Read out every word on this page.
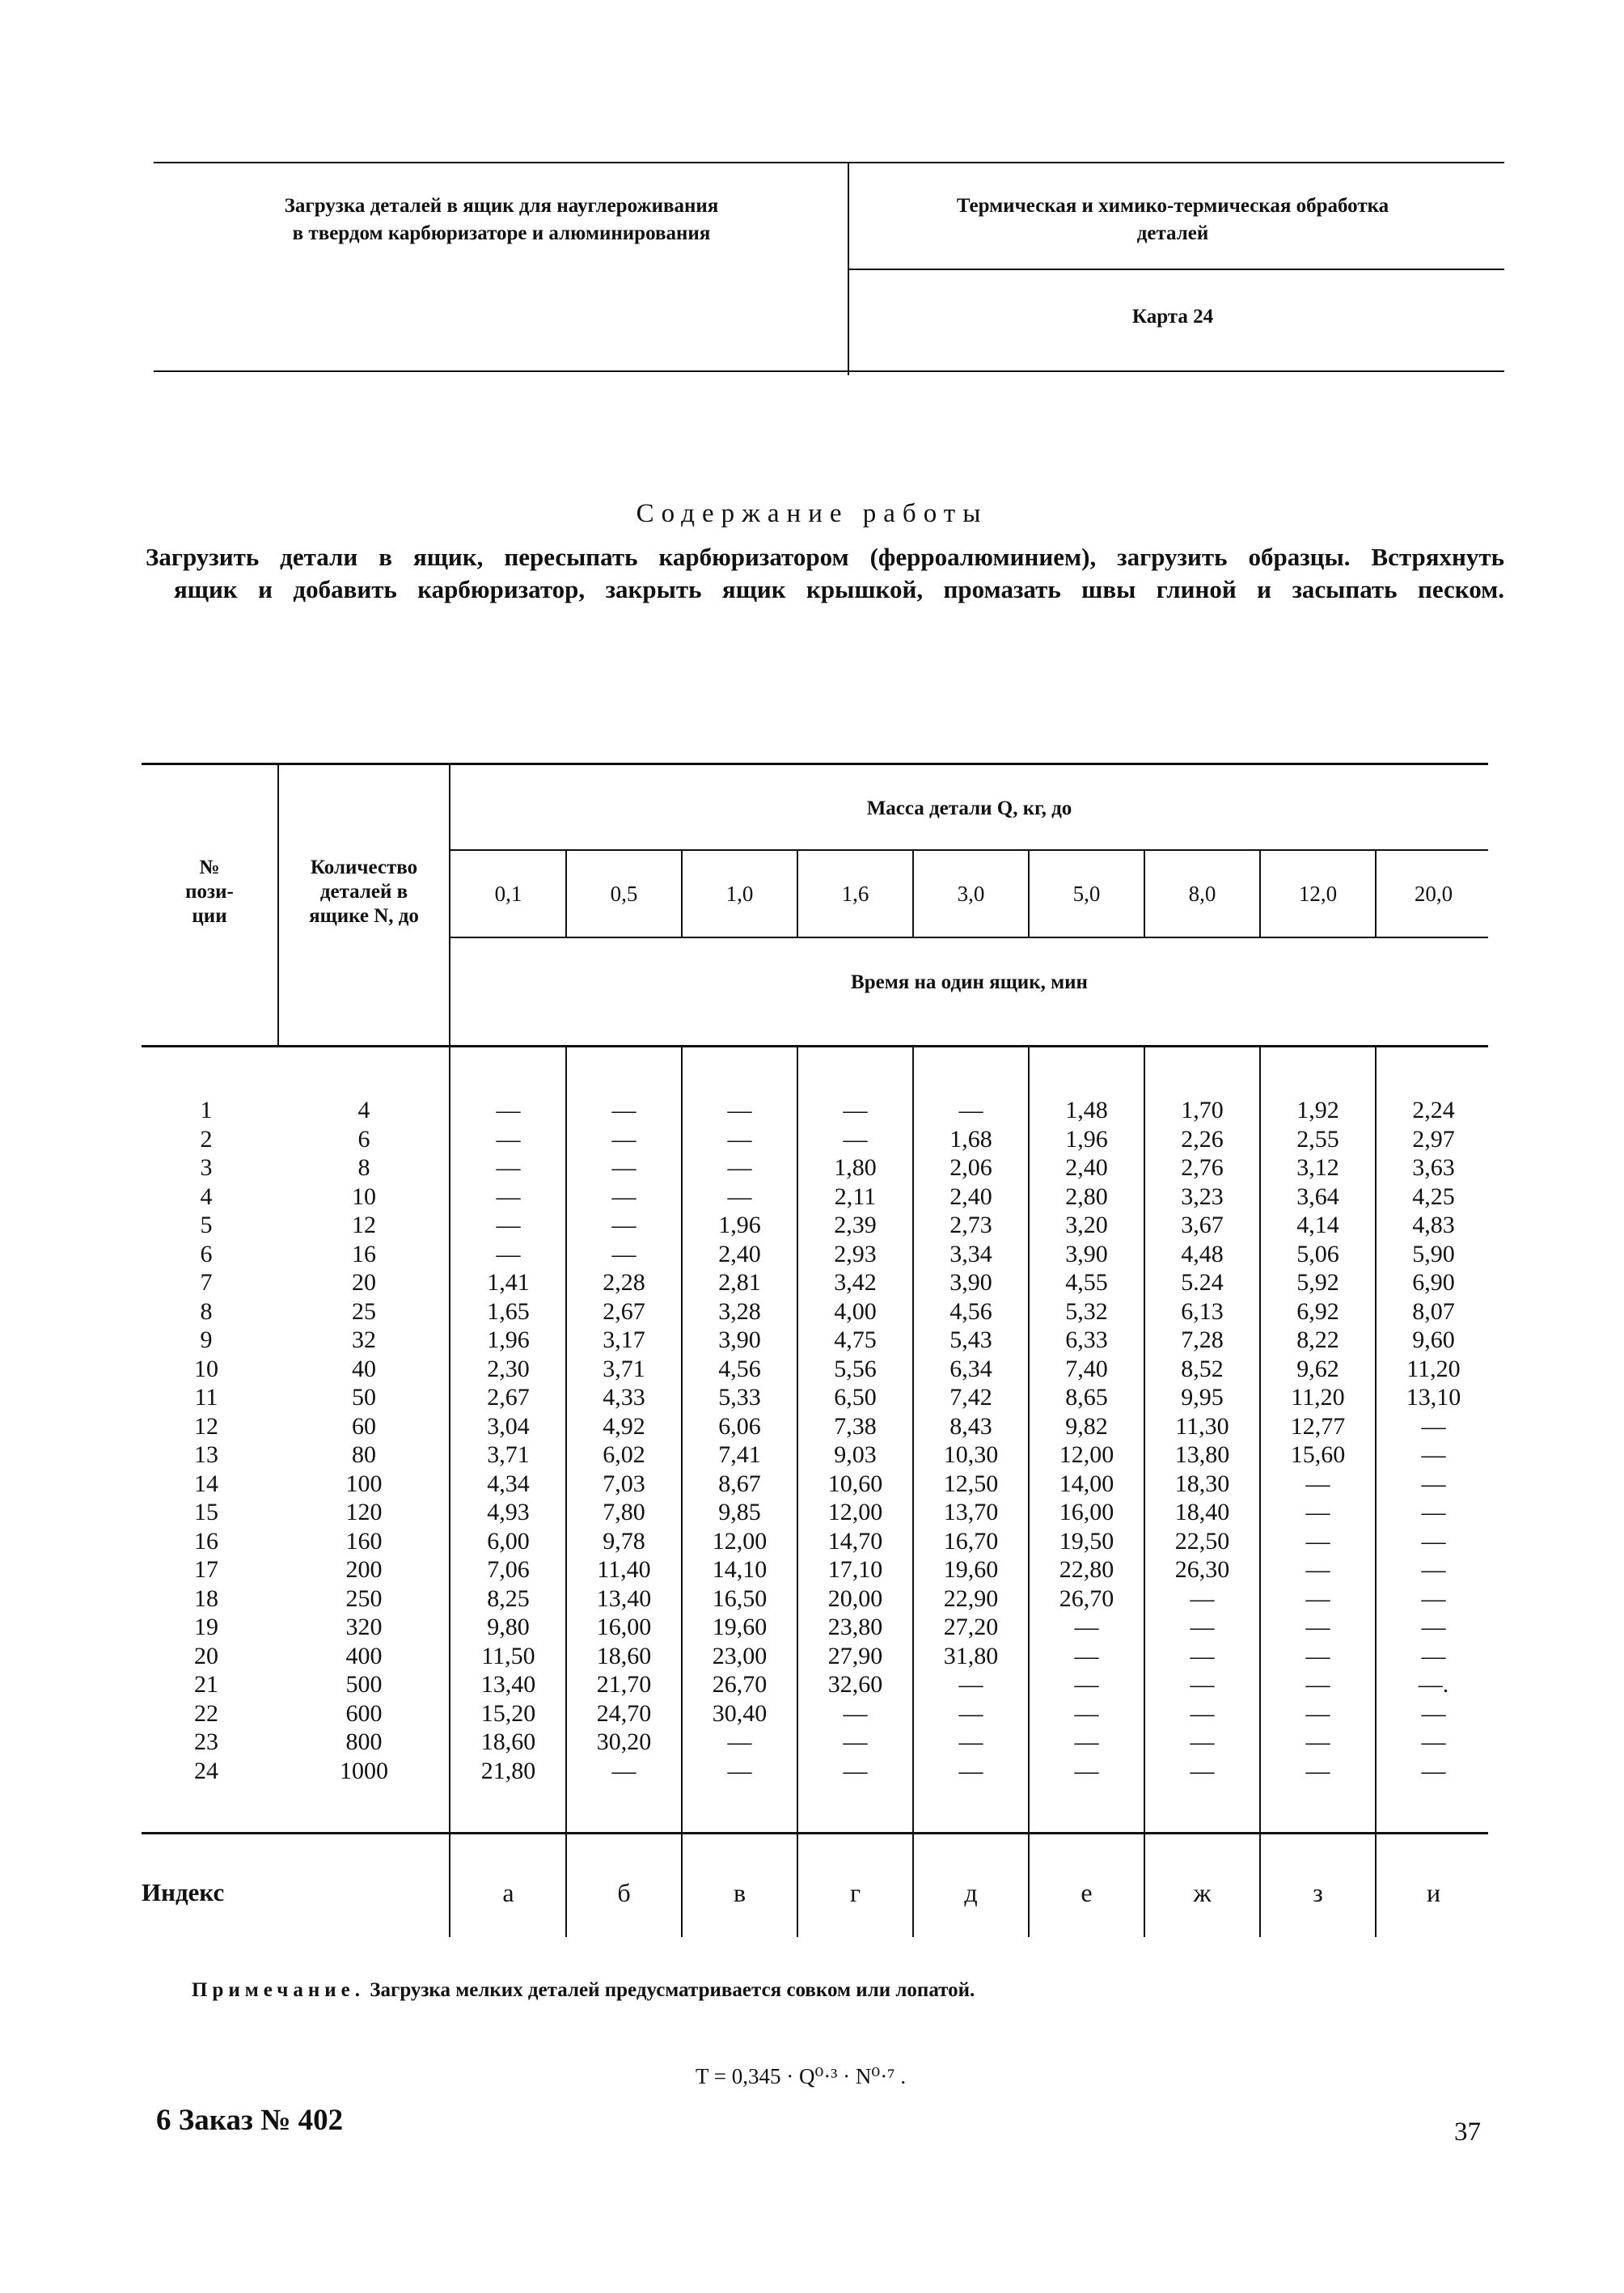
Загрузка деталей в ящик для науглероживания
в твердом карбюризаторе и алюминирования
Термическая и химико-термическая обработка
деталей
Карта 24
Содержание работы
Загрузить детали в ящик, пересыпать карбюризатором (ферроалюминием), загрузить образцы. Встряхнуть
ящик и добавить карбюризатор, закрыть ящик крышкой, промазать швы глиной и засыпать песком.
№
пози-
ции
Количество
деталей в
ящике N, до
Масса детали Q, кг, до
Время на один ящик, мин
0,1	0,5	1,0	1,6	3,0	5,0	8,0	12,0	20,0
1	4	—	—	—	—	—	1,48	1,70	1,92	2,24
2	6	—	—	—	—	1,68	1,96	2,26	2,55	2,97
3	8	—	—	—	1,80	2,06	2,40	2,76	3,12	3,63
4	10	—	—	—	2,11	2,40	2,80	3,23	3,64	4,25
5	12	—	—	1,96	2,39	2,73	3,20	3,67	4,14	4,83
6	16	—	—	2,40	2,93	3,34	3,90	4,48	5,06	5,90
7	20	1,41	2,28	2,81	3,42	3,90	4,55	5.24	5,92	6,90
8	25	1,65	2,67	3,28	4,00	4,56	5,32	6,13	6,92	8,07
9	32	1,96	3,17	3,90	4,75	5,43	6,33	7,28	8,22	9,60
10	40	2,30	3,71	4,56	5,56	6,34	7,40	8,52	9,62	11,20
11	50	2,67	4,33	5,33	6,50	7,42	8,65	9,95	11,20	13,10
12	60	3,04	4,92	6,06	7,38	8,43	9,82	11,30	12,77	—
13	80	3,71	6,02	7,41	9,03	10,30	12,00	13,80	15,60	—
14	100	4,34	7,03	8,67	10,60	12,50	14,00	18,30	—	—
15	120	4,93	7,80	9,85	12,00	13,70	16,00	18,40	—	—
16	160	6,00	9,78	12,00	14,70	16,70	19,50	22,50	—	—
17	200	7,06	11,40	14,10	17,10	19,60	22,80	26,30	—	—
18	250	8,25	13,40	16,50	20,00	22,90	26,70	—	—	—
19	320	9,80	16,00	19,60	23,80	27,20	—	—	—	—
20	400	11,50	18,60	23,00	27,90	31,80	—	—	—	—
21	500	13,40	21,70	26,70	32,60	—	—	—	—	—.
22	600	15,20	24,70	30,40	—	—	—	—	—	—
23	800	18,60	30,20	—	—	—	—	—	—	—
24	1000	21,80	—	—	—	—	—	—	—	—
Индекс	а	б	в	г	д	е	ж	з	и
Примечание. Загрузка мелких деталей предусматривается совком или лопатой.
T = 0,345 · Q⁰·³ · N⁰·⁷ .
6 Заказ № 402	37
